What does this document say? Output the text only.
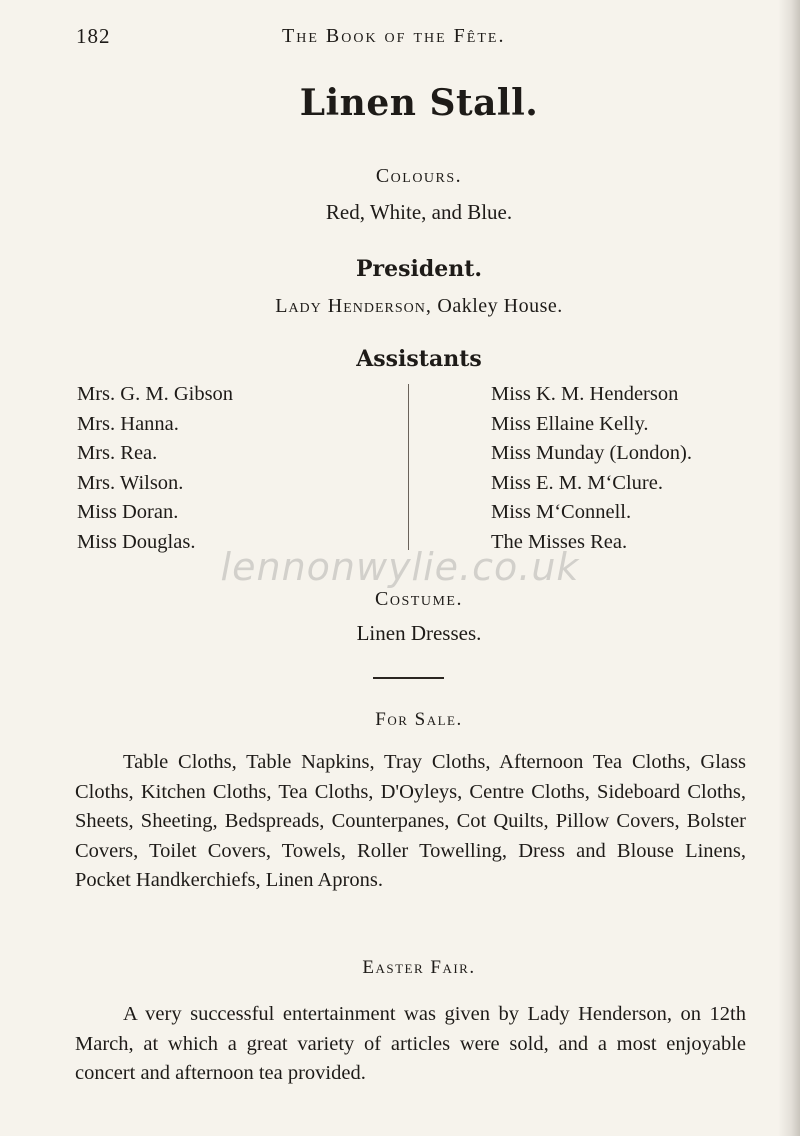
182	The Book of the Fête.
Linen Stall.
Colours.
Red, White, and Blue.
President.
Lady Henderson, Oakley House.
Assistants
Mrs. G. M. Gibson
Mrs. Hanna.
Mrs. Rea.
Mrs. Wilson.
Miss Doran.
Miss Douglas.
Miss K. M. Henderson
Miss Ellaine Kelly.
Miss Munday (London).
Miss E. M. M‘Clure.
Miss M‘Connell.
The Misses Rea.
lennonwylie.co.uk
Costume.
Linen Dresses.
For Sale.

Table Cloths, Table Napkins, Tray Cloths, Afternoon Tea Cloths, Glass Cloths, Kitchen Cloths, Tea Cloths, D'Oyleys, Centre Cloths, Sideboard Cloths, Sheets, Sheeting, Bedspreads, Counterpanes, Cot Quilts, Pillow Covers, Bolster Covers, Toilet Covers, Towels, Roller Towelling, Dress and Blouse Linens, Pocket Handkerchiefs, Linen Aprons.

Easter Fair.

A very successful entertainment was given by Lady Henderson, on 12th March, at which a great variety of articles were sold, and a most enjoyable concert and afternoon tea provided.
